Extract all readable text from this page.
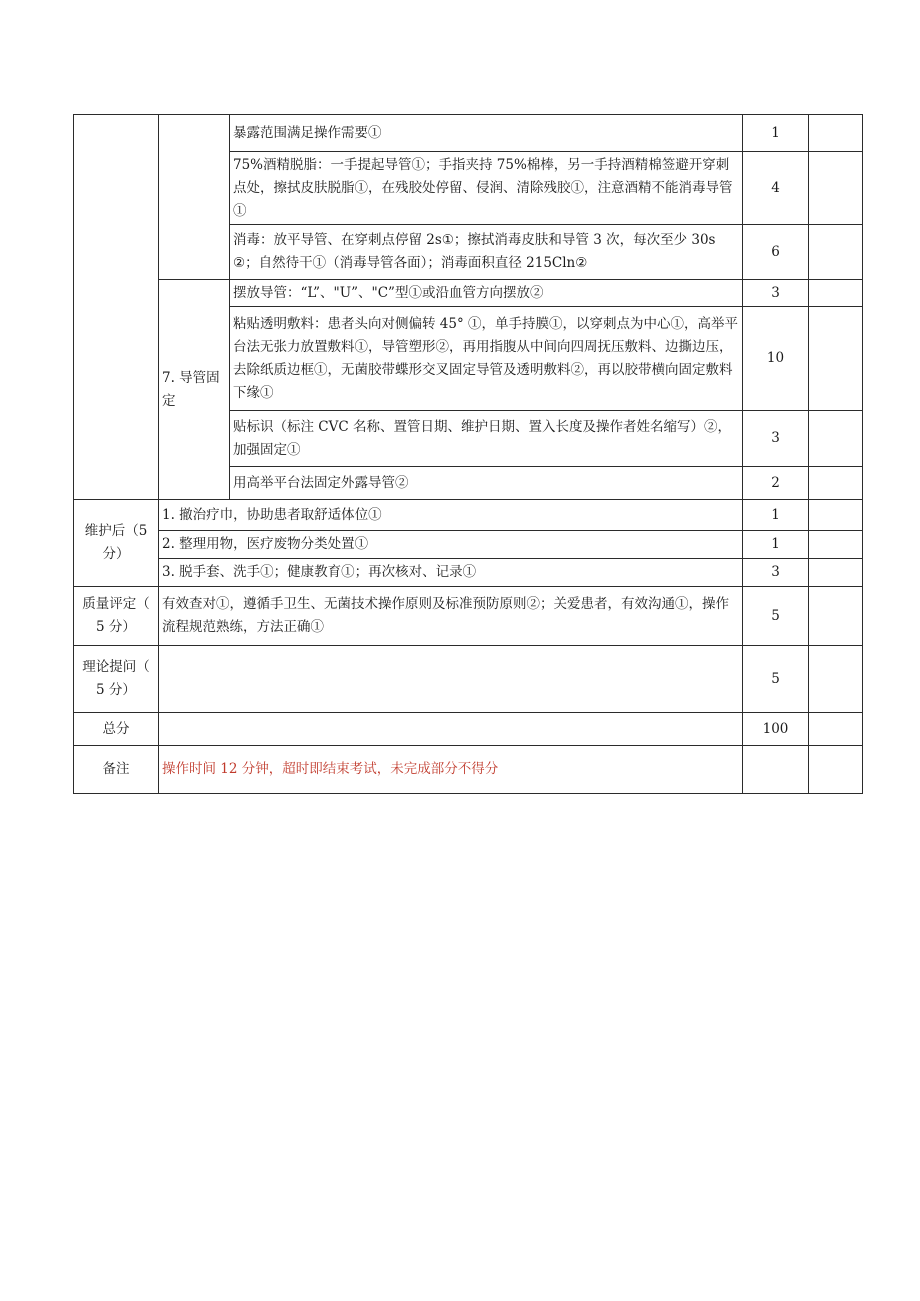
		暴露范围满足操作需要①	1	
		75%酒精脱脂：一手提起导管①；手指夹持 75%棉棒，另一手持酒精棉签避开穿刺点处，擦拭皮肤脱脂①，在残胶处停留、侵润、清除残胶①，注意酒精不能消毒导管①	4	
		消毒：放平导管、在穿刺点停留 2s①；擦拭消毒皮肤和导管 3 次，每次至少 30s②；自然待干①（消毒导管各面）；消毒面积直径 215Cln②	6	
	7. 导管固定	摆放导管：“L”、"U”、"C”型①或沿血管方向摆放②	3	
		粘贴透明敷料：患者头向对侧偏转 45° ①，单手持膜①，以穿刺点为中心①，高举平台法无张力放置敷料①，导管塑形②，再用指腹从中间向四周抚压敷料、边撕边压，去除纸质边框①，无菌胶带蝶形交叉固定导管及透明敷料②，再以胶带横向固定敷料下缘①	10	
		贴标识（标注 CVC 名称、置管日期、维护日期、置入长度及操作者姓名缩写）②，加强固定①	3	
		用高举平台法固定外露导管②	2	
维护后（5 分）	1. 撤治疗巾，协助患者取舒适体位①		1	
	2. 整理用物，医疗废物分类处置①		1	
	3. 脱手套、洗手①；健康教育①；再次核对、记录①		3	
质量评定（ 5 分）	有效查对①，遵循手卫生、无菌技术操作原则及标准预防原则②；关爱患者，有效沟通①，操作流程规范熟练，方法正确①		5	
理论提问（ 5 分）			5	
总分			100	
备注	操作时间 12 分钟，超时即结束考试，未完成部分不得分			
